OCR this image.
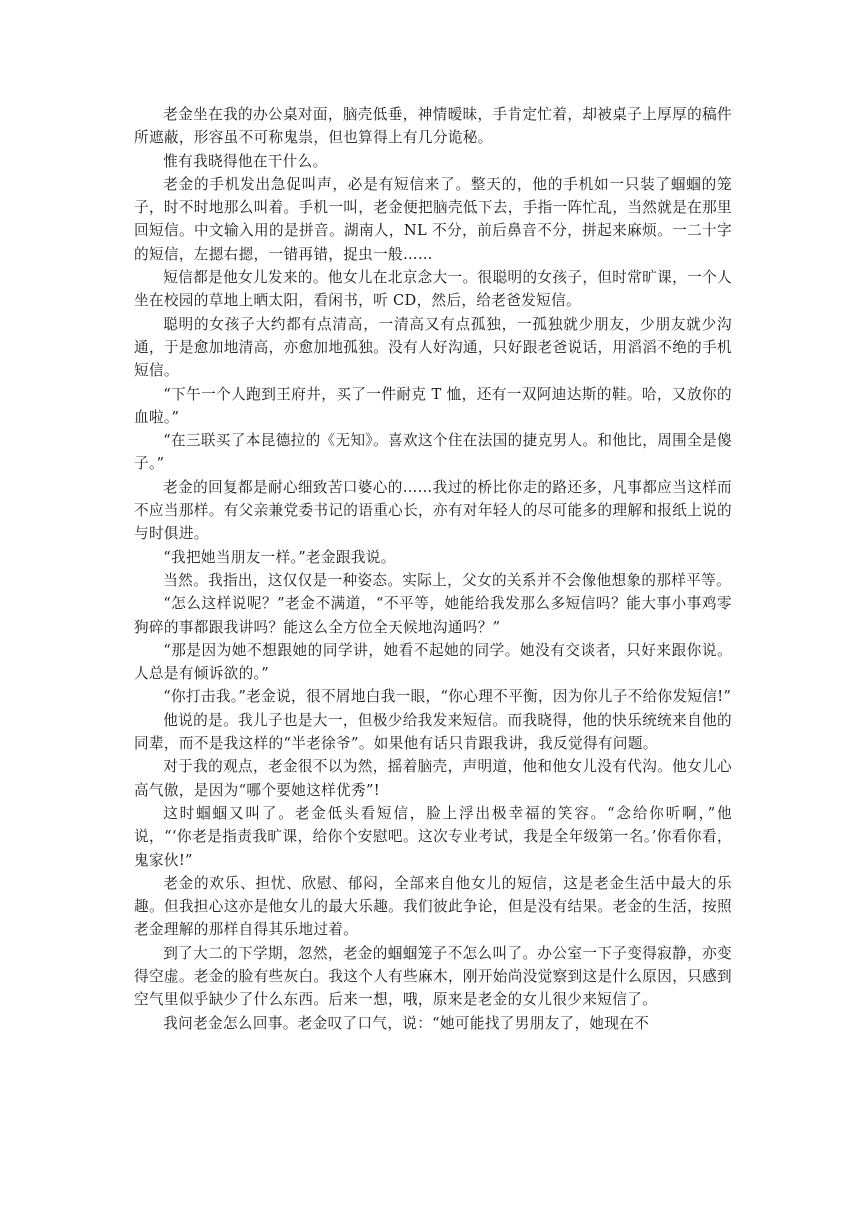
老金坐在我的办公桌对面，脑壳低垂，神情暧昧，手肯定忙着，却被桌子上厚厚的稿件所遮蔽，形容虽不可称鬼祟，但也算得上有几分诡秘。

惟有我晓得他在干什么。

老金的手机发出急促叫声，必是有短信来了。整天的，他的手机如一只装了蝈蝈的笼子，时不时地那么叫着。手机一叫，老金便把脑壳低下去，手指一阵忙乱，当然就是在那里回短信。中文输入用的是拼音。湖南人，NL 不分，前后鼻音不分，拼起来麻烦。一二十字的短信，左摁右摁，一错再错，捉虫一般……

短信都是他女儿发来的。他女儿在北京念大一。很聪明的女孩子，但时常旷课，一个人坐在校园的草地上晒太阳，看闲书，听 CD，然后，给老爸发短信。

聪明的女孩子大约都有点清高，一清高又有点孤独，一孤独就少朋友，少朋友就少沟通，于是愈加地清高，亦愈加地孤独。没有人好沟通，只好跟老爸说话，用滔滔不绝的手机短信。

“下午一个人跑到王府井，买了一件耐克 T 恤，还有一双阿迪达斯的鞋。哈，又放你的血啦。”

“在三联买了本昆德拉的《无知》。喜欢这个住在法国的捷克男人。和他比，周围全是傻子。”

老金的回复都是耐心细致苦口婆心的……我过的桥比你走的路还多，凡事都应当这样而不应当那样。有父亲兼党委书记的语重心长，亦有对年轻人的尽可能多的理解和报纸上说的与时俱进。

“我把她当朋友一样。”老金跟我说。

当然。我指出，这仅仅是一种姿态。实际上，父女的关系并不会像他想象的那样平等。

“怎么这样说呢？”老金不满道，“不平等，她能给我发那么多短信吗？能大事小事鸡零狗碎的事都跟我讲吗？能这么全方位全天候地沟通吗？”

“那是因为她不想跟她的同学讲，她看不起她的同学。她没有交谈者，只好来跟你说。人总是有倾诉欲的。”

“你打击我。”老金说，很不屑地白我一眼，“你心理不平衡，因为你儿子不给你发短信!”

他说的是。我儿子也是大一，但极少给我发来短信。而我晓得，他的快乐统统来自他的同辈，而不是我这样的“半老徐爷”。如果他有话只肯跟我讲，我反觉得有问题。

对于我的观点，老金很不以为然，摇着脑壳，声明道，他和他女儿没有代沟。他女儿心高气傲，是因为“哪个要她这样优秀”!

这时蝈蝈又叫了。老金低头看短信，脸上浮出极幸福的笑容。“念给你听啊，”他说，“‘你老是指责我旷课，给你个安慰吧。这次专业考试，我是全年级第一名。’你看你看，鬼家伙!”

老金的欢乐、担忧、欣慰、郁闷，全部来自他女儿的短信，这是老金生活中最大的乐趣。但我担心这亦是他女儿的最大乐趣。我们彼此争论，但是没有结果。老金的生活，按照老金理解的那样自得其乐地过着。

到了大二的下学期，忽然，老金的蝈蝈笼子不怎么叫了。办公室一下子变得寂静，亦变得空虚。老金的脸有些灰白。我这个人有些麻木，刚开始尚没觉察到这是什么原因，只感到空气里似乎缺少了什么东西。后来一想，哦，原来是老金的女儿很少来短信了。

我问老金怎么回事。老金叹了口气，说：“她可能找了男朋友了，她现在不
